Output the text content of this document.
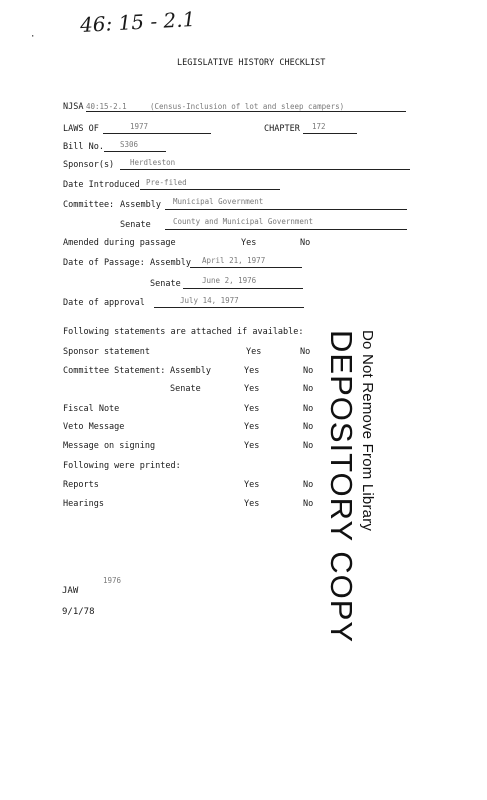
46: 15 - 2.1
·
LEGISLATIVE HISTORY CHECKLIST
NJSA 40:15-2.1	(Census-Inclusion of lot and sleep campers)
LAWS OF	1977	CHAPTER 172
Bill No. S306
Sponsor(s) Herdleston
Date Introduced Pre-filed
Committee: Assembly Municipal Government
Senate	County and Municipal Government
Amended during passage	Yes	No
Date of Passage: Assembly April 21, 1977
Senate	June 2, 1976
Date of approval	July 14, 1977
Following statements are attached if available:
Sponsor statement	Yes	No
Committee Statement: Assembly	Yes	No
Senate	Yes	No
Fiscal Note	Yes	No
Veto Message	Yes	No
Message on signing	Yes	No
Following were printed:
Reports	Yes	No
Hearings	Yes	No	Do Not Remove From Library
DEPOSITORY COPY
JAW
1976
9/1/78
